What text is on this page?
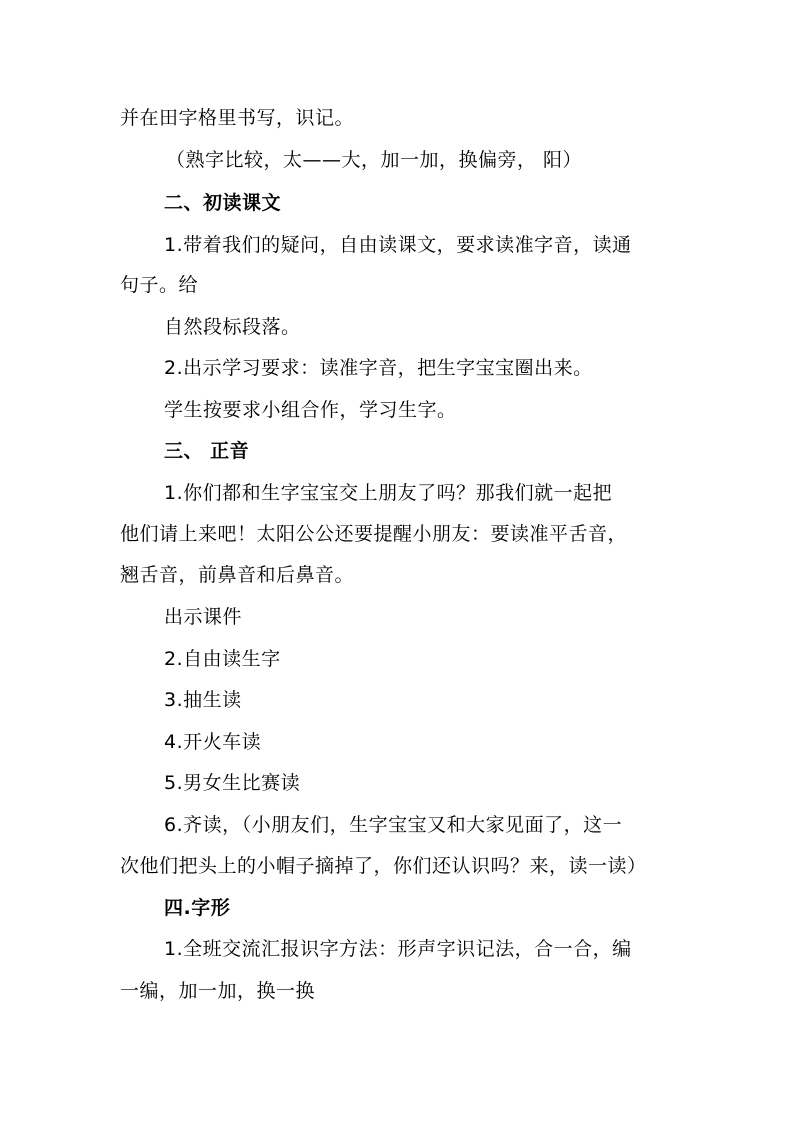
并在田字格里书写，识记。
（熟字比较，太——大，加一加，换偏旁， 阳）
二、初读课文
1.带着我们的疑问，自由读课文，要求读准字音，读通
句子。给
自然段标段落。
2.出示学习要求：读准字音，把生字宝宝圈出来。
学生按要求小组合作，学习生字。
三、 正音
1.你们都和生字宝宝交上朋友了吗？那我们就一起把
他们请上来吧！太阳公公还要提醒小朋友：要读准平舌音，
翘舌音，前鼻音和后鼻音。
出示课件
2.自由读生字
3.抽生读
4.开火车读
5.男女生比赛读
6.齐读，（小朋友们，生字宝宝又和大家见面了，这一
次他们把头上的小帽子摘掉了，你们还认识吗？来，读一读）
四.字形
1.全班交流汇报识字方法：形声字识记法，合一合，编
一编，加一加，换一换
